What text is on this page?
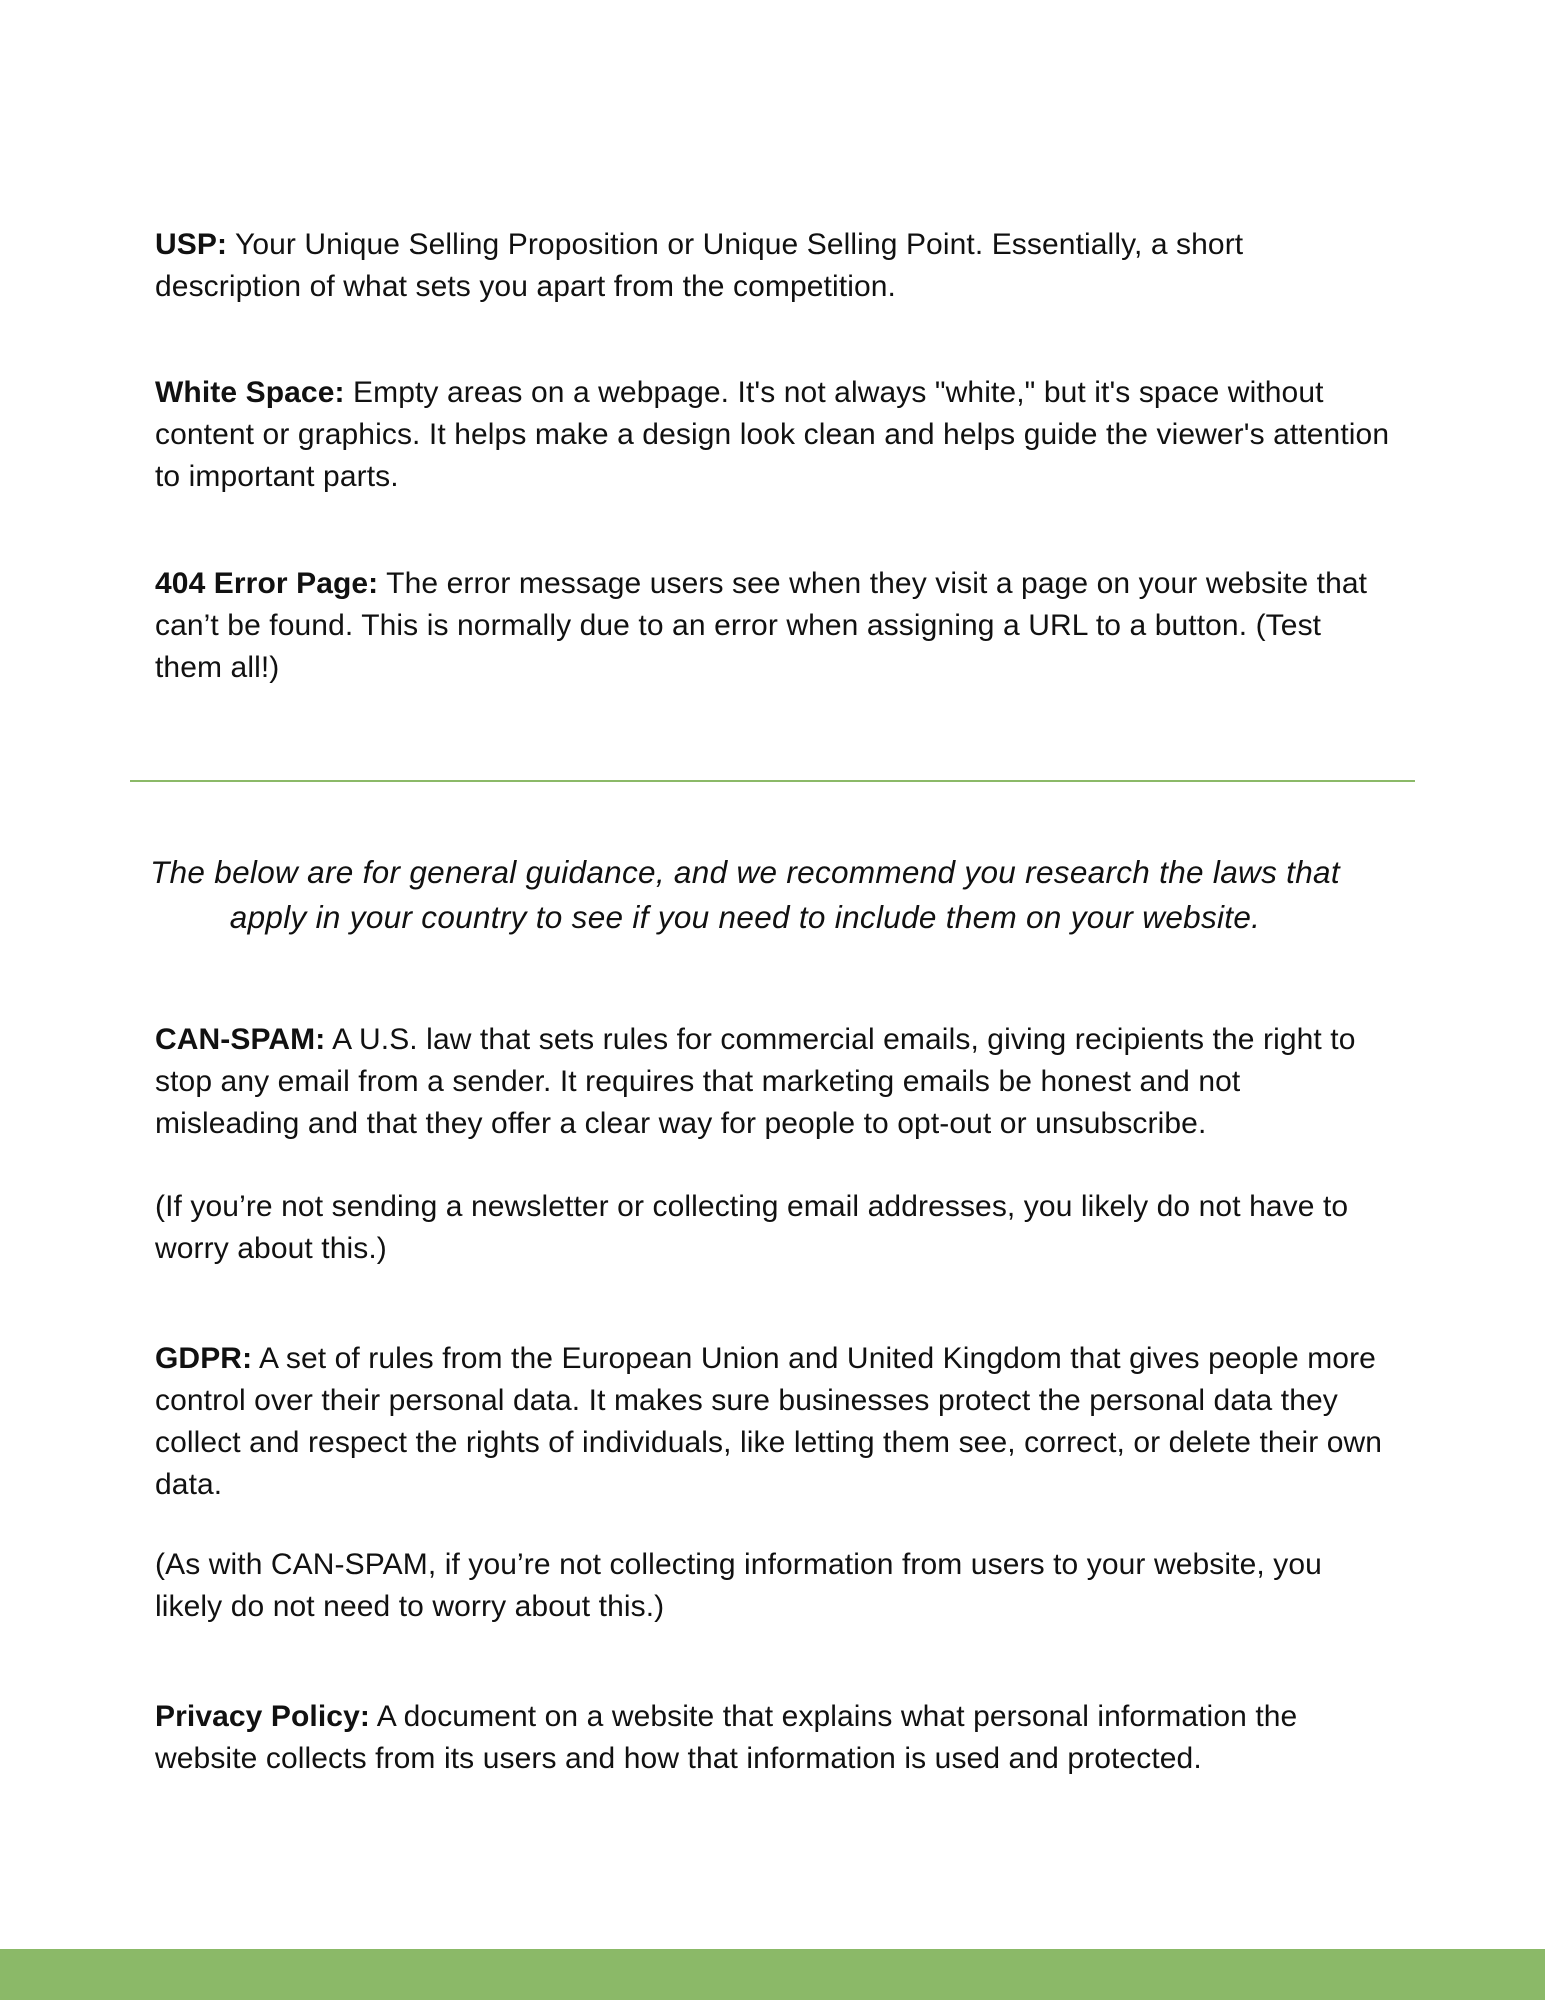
USP: Your Unique Selling Proposition or Unique Selling Point. Essentially, a short description of what sets you apart from the competition.

White Space: Empty areas on a webpage. It's not always "white," but it's space without content or graphics. It helps make a design look clean and helps guide the viewer's attention to important parts.

404 Error Page: The error message users see when they visit a page on your website that can’t be found. This is normally due to an error when assigning a URL to a button. (Test them all!)

CAN-SPAM: A U.S. law that sets rules for commercial emails, giving recipients the right to stop any email from a sender. It requires that marketing emails be honest and not misleading and that they offer a clear way for people to opt-out or unsubscribe.

(If you’re not sending a newsletter or collecting email addresses, you likely do not have to worry about this.)

GDPR: A set of rules from the European Union and United Kingdom that gives people more control over their personal data. It makes sure businesses protect the personal data they collect and respect the rights of individuals, like letting them see, correct, or delete their own data.

(As with CAN-SPAM, if you’re not collecting information from users to your website, you likely do not need to worry about this.)

Privacy Policy: A document on a website that explains what personal information the website collects from its users and how that information is used and protected.

The below are for general guidance, and we recommend you research the laws that apply in your country to see if you need to include them on your website.
